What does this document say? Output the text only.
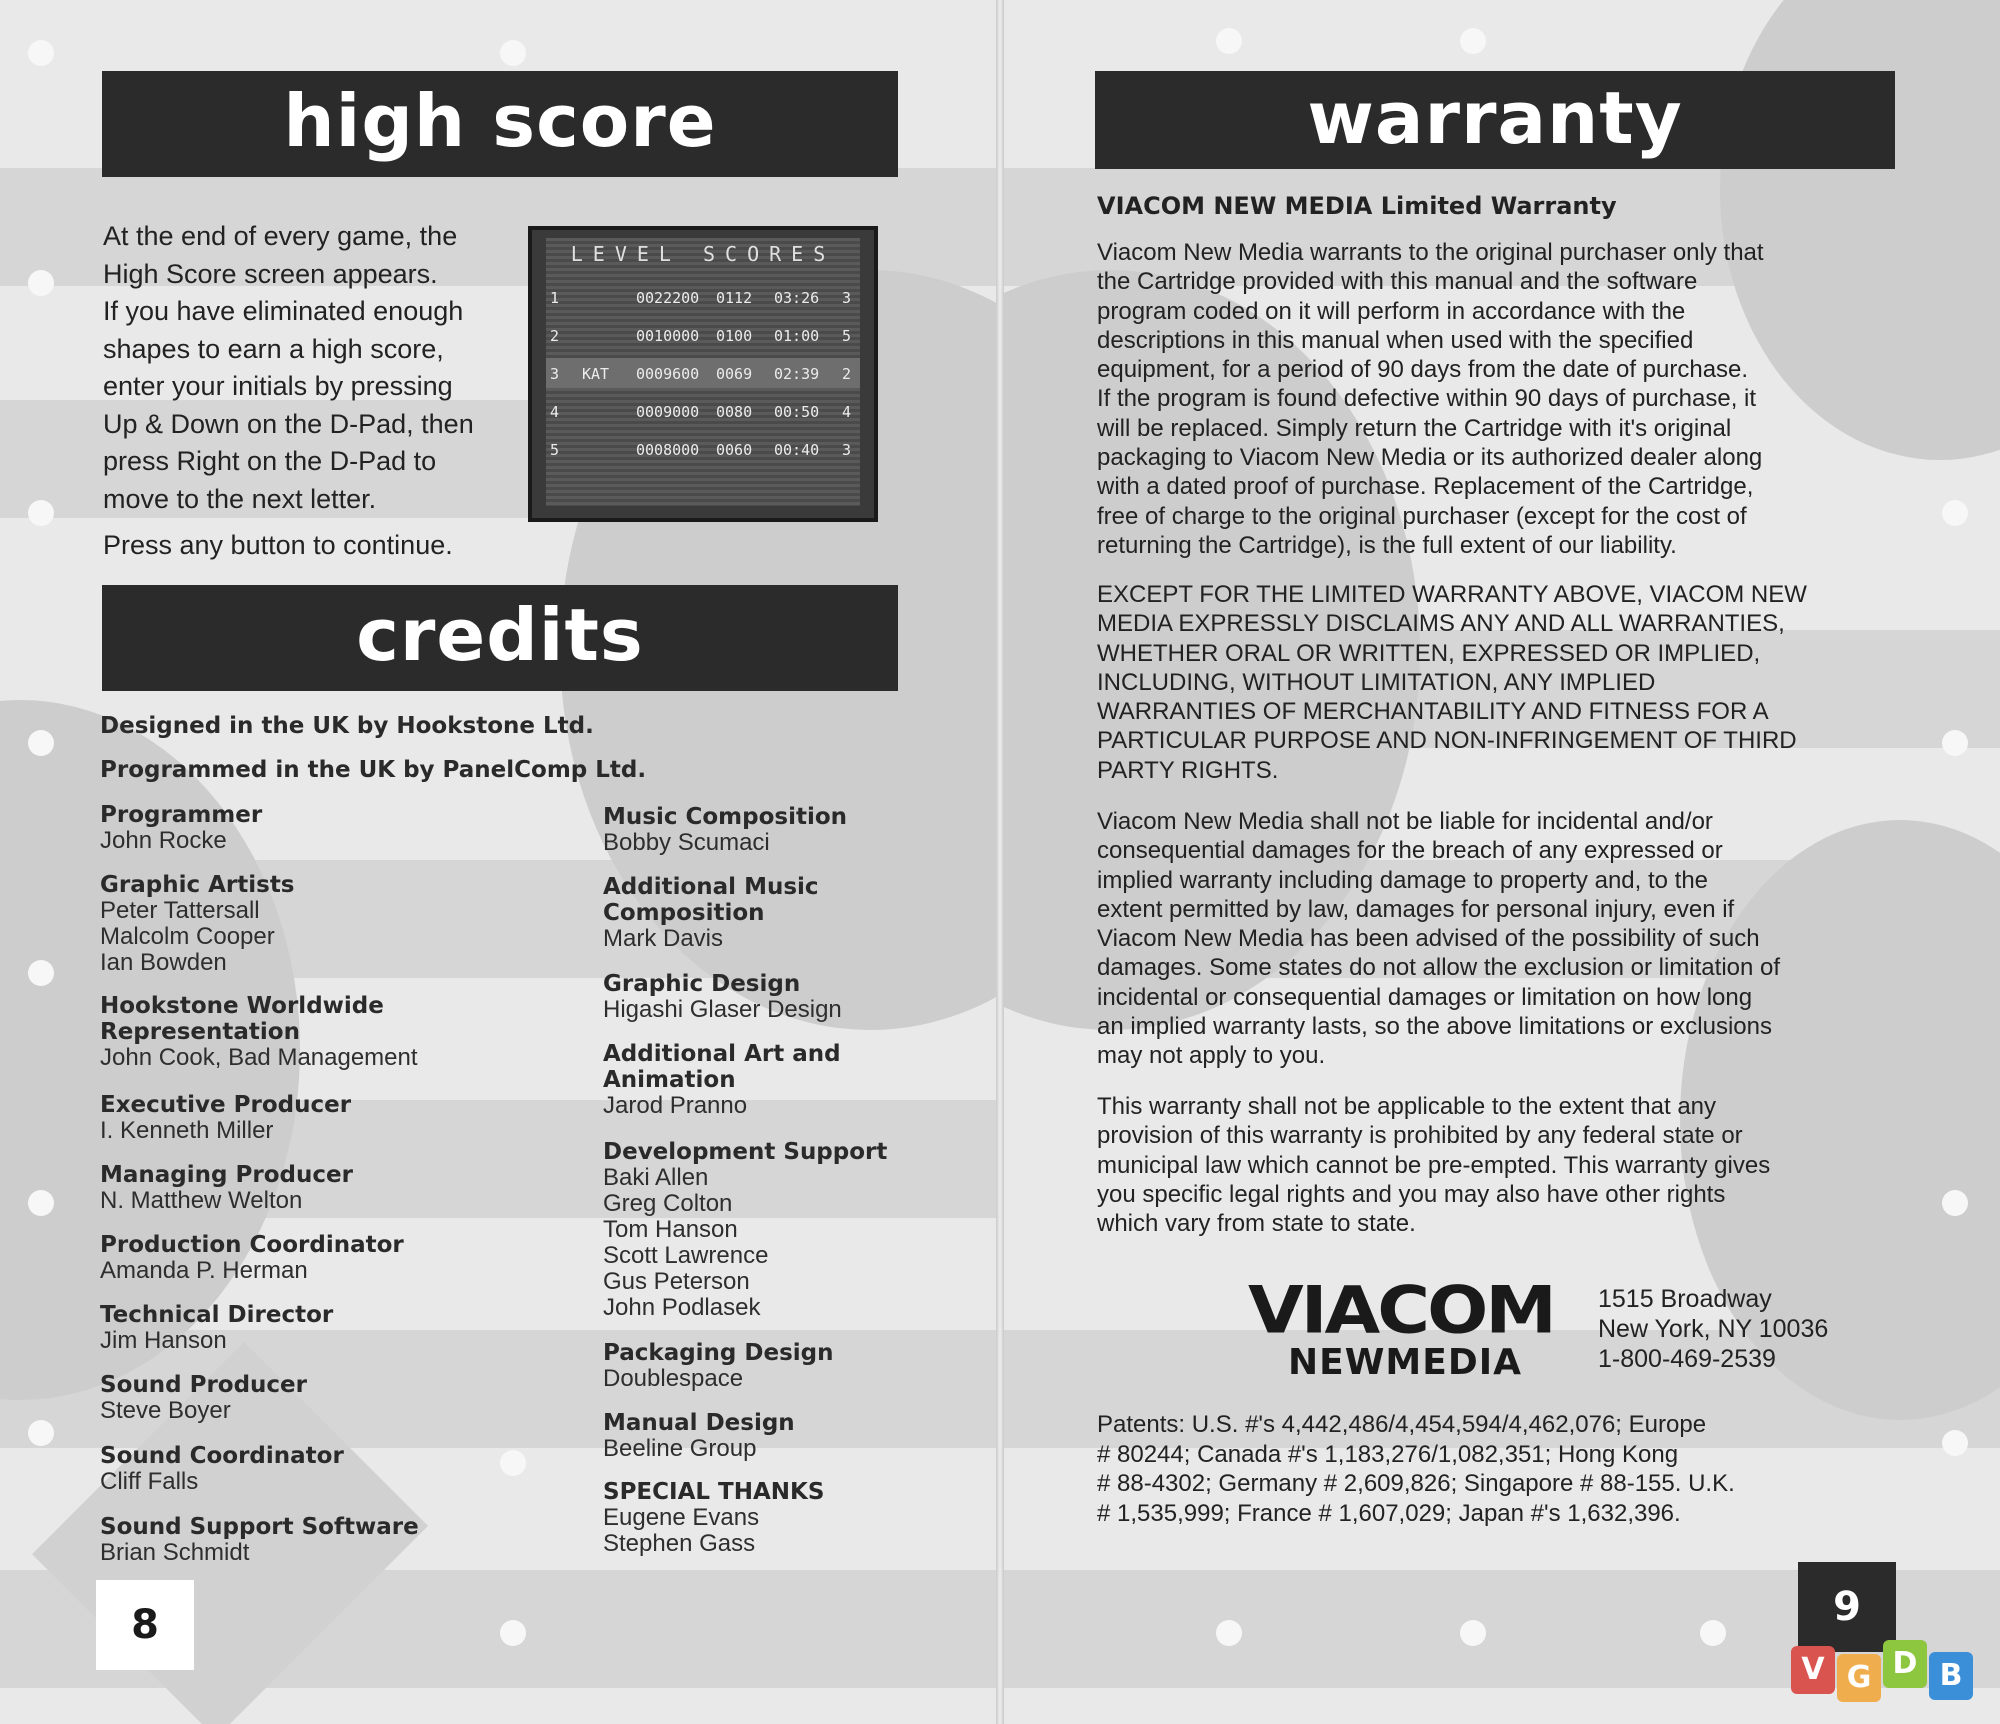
high score

At the end of every game, the

High Score screen appears.

If you have eliminated enough

shapes to earn a high score,

enter your initials by pressing

Up & Down on the D-Pad, then

press Right on the D-Pad to

move to the next letter.

Press any button to continue.
LEVEL SCORES
1	0022200 0112 03:26 3
2	0010000 0100 01:00 5
3 KAT 0009600 0069 02:39 2
4	0009000 0080 00:50 4
5	0008000 0060 00:40 3
credits
Designed in the UK by Hookstone Ltd.
Programmed in the UK by PanelComp Ltd.
Programmer
John Rocke
Graphic Artists
Peter Tattersall
Malcolm Cooper
Ian Bowden
Hookstone Worldwide
Representation
John Cook, Bad Management
Executive Producer
I. Kenneth Miller
Managing Producer
N. Matthew Welton
Production Coordinator
Amanda P. Herman
Technical Director
Jim Hanson
Sound Producer
Steve Boyer
Sound Coordinator
Cliff Falls
Sound Support Software
Brian Schmidt
Music Composition
Bobby Scumaci
Additional Music
Composition
Mark Davis
Graphic Design
Higashi Glaser Design
Additional Art and
Animation
Jarod Pranno
Development Support
Baki Allen
Greg Colton
Tom Hanson
Scott Lawrence
Gus Peterson
John Podlasek
Packaging Design
Doublespace
Manual Design
Beeline Group
SPECIAL THANKS
Eugene Evans
Stephen Gass
8
warranty
VIACOM NEW MEDIA Limited Warranty

Viacom New Media warrants to the original purchaser only that

the Cartridge provided with this manual and the software

program coded on it will perform in accordance with the

descriptions in this manual when used with the specified

equipment, for a period of 90 days from the date of purchase.

If the program is found defective within 90 days of purchase, it

will be replaced. Simply return the Cartridge with it's original

packaging to Viacom New Media or its authorized dealer along

with a dated proof of purchase. Replacement of the Cartridge,

free of charge to the original purchaser (except for the cost of

returning the Cartridge), is the full extent of our liability.

EXCEPT FOR THE LIMITED WARRANTY ABOVE, VIACOM NEW

MEDIA EXPRESSLY DISCLAIMS ANY AND ALL WARRANTIES,

WHETHER ORAL OR WRITTEN, EXPRESSED OR IMPLIED,

INCLUDING, WITHOUT LIMITATION, ANY IMPLIED

WARRANTIES OF MERCHANTABILITY AND FITNESS FOR A

PARTICULAR PURPOSE AND NON-INFRINGEMENT OF THIRD

PARTY RIGHTS.

Viacom New Media shall not be liable for incidental and/or

consequential damages for the breach of any expressed or

implied warranty including damage to property and, to the

extent permitted by law, damages for personal injury, even if

Viacom New Media has been advised of the possibility of such

damages. Some states do not allow the exclusion or limitation of

incidental or consequential damages or limitation on how long

an implied warranty lasts, so the above limitations or exclusions

may not apply to you.

This warranty shall not be applicable to the extent that any

provision of this warranty is prohibited by any federal state or

municipal law which cannot be pre-empted. This warranty gives

you specific legal rights and you may also have other rights

which vary from state to state.

VIACOM
NEWMEDIA
1515 Broadway
New York, NY 10036
1-800-469-2539
Patents: U.S. #'s 4,442,486/4,454,594/4,462,076; Europe
# 80244; Canada #'s 1,183,276/1,082,351; Hong Kong
# 88-4302; Germany # 2,609,826; Singapore # 88-155. U.K.
# 1,535,999; France # 1,607,029; Japan #'s 1,632,396.
9
V G D B
